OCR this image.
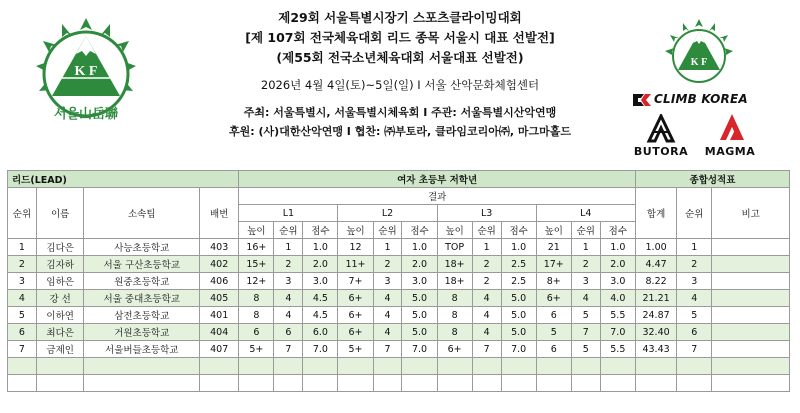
K F
서울山岳聯
제29회 서울특별시장기 스포츠클라이밍대회
[제 107회 전국체육대회 리드 종목 서울시 대표 선발전]
(제55회 전국소년체육대회 서울대표 선발전)
2026년 4월 4일(토)~5일(일) I 서울 산악문화체험센터
주최: 서울특별시, 서울특별시체육회 I 주관: 서울특별시산악연맹
후원: (사)대한산악연맹 I 협찬: ㈜부토라, 클라임코리아㈜, 마그마홀드
K F
CLIMB KOREA
BUTORA	MAGMA
리드(LEAD)				여자 초등부 저학년												종합성적표		
순위	이름	소속팀	배번	결과												합계	순위	비고
				L1			L2			L3			L4					
				높이	순위	점수	높이	순위	점수	높이	순위	점수	높이	순위	점수			
1	김다은	사능초등학교	403	16+	1	1.0	12	1	1.0	TOP	1	1.0	21	1	1.0	1.00	1	
2	김자하	서울 구산초등학교	402	15+	2	2.0	11+	2	2.0	18+	2	2.5	17+	2	2.0	4.47	2	
3	임하은	원중초등학교	406	12+	3	3.0	7+	3	3.0	18+	2	2.5	8+	3	3.0	8.22	3	
4	강 선	서울 중대초등학교	405	8	4	4.5	6+	4	5.0	8	4	5.0	6+	4	4.0	21.21	4	
5	이하연	삼전초등학교	401	8	4	4.5	6+	4	5.0	8	4	5.0	6	5	5.5	24.87	5	
6	최다은	거원초등학교	404	6	6	6.0	6+	4	5.0	8	4	5.0	5	7	7.0	32.40	6	
7	금제인	서울버들초등학교	407	5+	7	7.0	5+	7	7.0	6+	7	7.0	6	5	5.5	43.43	7	
